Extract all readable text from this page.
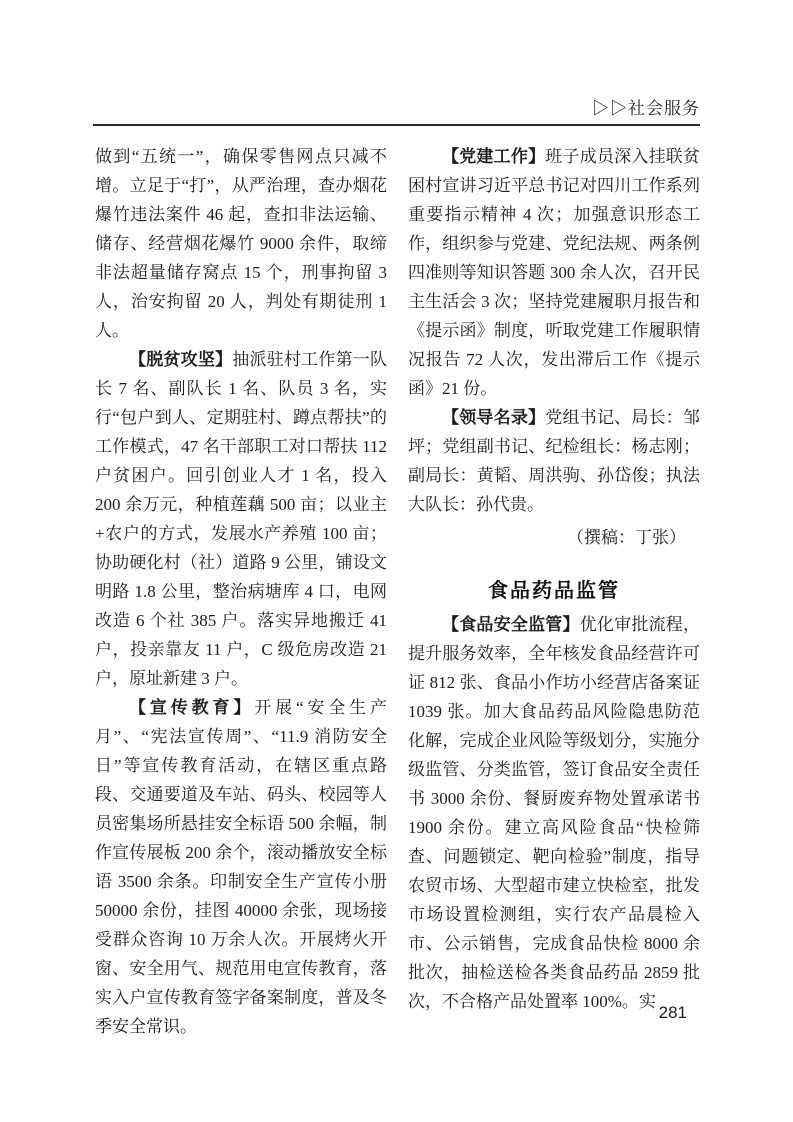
▷▷社会服务

做到“五统一”，确保零售网点只减不增。立足于“打”，从严治理，查办烟花爆竹违法案件 46 起，查扣非法运输、储存、经营烟花爆竹 9000 余件，取缔非法超量储存窝点 15 个，刑事拘留 3 人，治安拘留 20 人，判处有期徒刑 1 人。

【脱贫攻坚】抽派驻村工作第一队长 7 名、副队长 1 名、队员 3 名，实行“包户到人、定期驻村、蹲点帮扶”的工作模式，47 名干部职工对口帮扶 112 户贫困户。回引创业人才 1 名，投入 200 余万元，种植莲藕 500 亩；以业主+农户的方式，发展水产养殖 100 亩；协助硬化村（社）道路 9 公里，铺设文明路 1.8 公里，整治病塘库 4 口，电网改造 6 个社 385 户。落实异地搬迁 41 户，投亲靠友 11 户，C 级危房改造 21 户，原址新建 3 户。

【宣传教育】开展“安全生产月”、“宪法宣传周”、“11.9 消防安全日”等宣传教育活动，在辖区重点路段、交通要道及车站、码头、校园等人员密集场所悬挂安全标语 500 余幅，制作宣传展板 200 余个，滚动播放安全标语 3500 余条。印制安全生产宣传小册 50000 余份，挂图 40000 余张，现场接受群众咨询 10 万余人次。开展烤火开窗、安全用气、规范用电宣传教育，落实入户宣传教育签字备案制度，普及冬季安全常识。

【党建工作】班子成员深入挂联贫困村宣讲习近平总书记对四川工作系列重要指示精神 4 次；加强意识形态工作，组织参与党建、党纪法规、两条例四准则等知识答题 300 余人次，召开民主生活会 3 次；坚持党建履职月报告和《提示函》制度，听取党建工作履职情况报告 72 人次，发出滞后工作《提示函》21 份。

【领导名录】党组书记、局长：邹坪；党组副书记、纪检组长：杨志刚；副局长：黄韬、周洪驹、孙岱俊；执法大队长：孙代贵。

（撰稿：丁张）

食品药品监管

【食品安全监管】优化审批流程，提升服务效率，全年核发食品经营许可证 812 张、食品小作坊小经营店备案证 1039 张。加大食品药品风险隐患防范化解，完成企业风险等级划分，实施分级监管、分类监管，签订食品安全责任书 3000 余份、餐厨废弃物处置承诺书 1900 余份。建立高风险食品“快检筛查、问题锁定、靶向检验”制度，指导农贸市场、大型超市建立快检室，批发市场设置检测组，实行农产品晨检入市、公示销售，完成食品快检 8000 余批次，抽检送检各类食品药品 2859 批次，不合格产品处置率 100%。实

281
